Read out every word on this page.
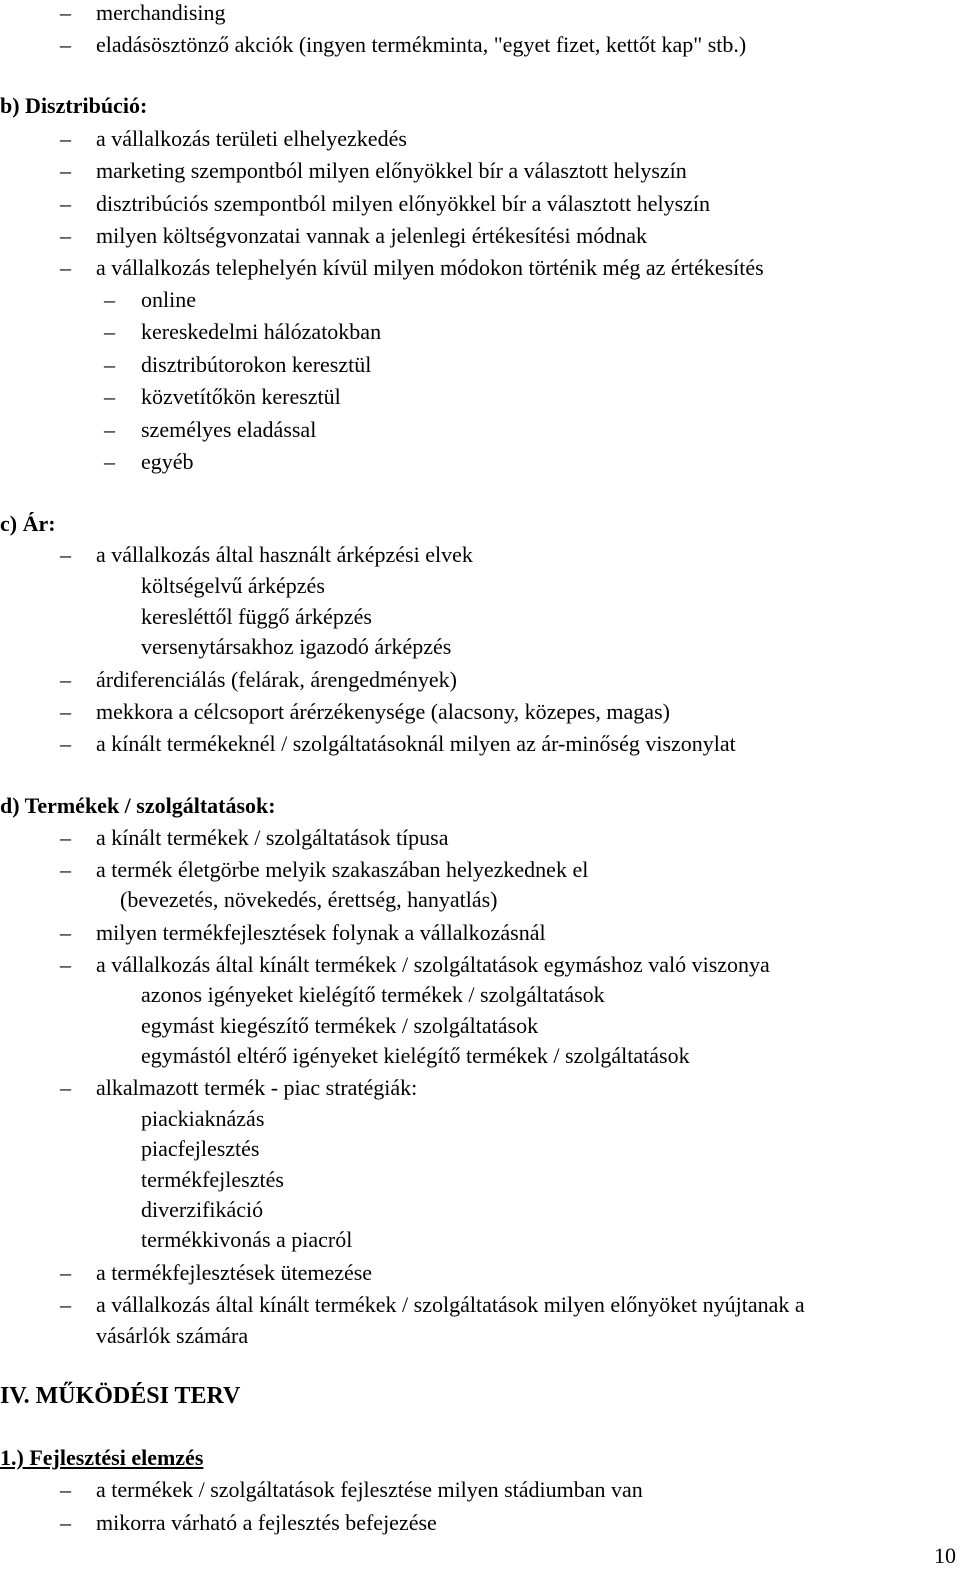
– merchandising
– eladásösztönző akciók (ingyen termékminta, "egyet fizet, kettőt kap" stb.)
b) Disztribúció:
– a vállalkozás területi elhelyezkedés
– marketing szempontból milyen előnyökkel bír a választott helyszín
– disztribúciós szempontból milyen előnyökkel bír a választott helyszín
– milyen költségvonzatai vannak a jelenlegi értékesítési módnak
– a vállalkozás telephelyén kívül milyen módokon történik még az értékesítés
– online
– kereskedelmi hálózatokban
– disztribútorokon keresztül
– közvetítőkön keresztül
– személyes eladással
– egyéb
c) Ár:
– a vállalkozás által használt árképzési elvek
költségelvű árképzés
keresléttől függő árképzés
versenytársakhoz igazodó árképzés
– árdiferenciálás (felárak, árengedmények)
– mekkora a célcsoport árérzékenysége (alacsony, közepes, magas)
– a kínált termékeknél / szolgáltatásoknál milyen az ár-minőség viszonylat
d) Termékek / szolgáltatások:
– a kínált termékek / szolgáltatások típusa
– a termék életgörbe melyik szakaszában helyezkednek el
(bevezetés, növekedés, érettség, hanyatlás)
– milyen termékfejlesztések folynak a vállalkozásnál
– a vállalkozás által kínált termékek / szolgáltatások egymáshoz való viszonya
azonos igényeket kielégítő termékek / szolgáltatások
egymást kiegészítő termékek / szolgáltatások
egymástól eltérő igényeket kielégítő termékek / szolgáltatások
– alkalmazott termék - piac stratégiák:
piackiaknázás
piacfejlesztés
termékfejlesztés
diverzifikáció
termékkivonás a piacról
– a termékfejlesztések ütemezése
– a vállalkozás által kínált termékek / szolgáltatások milyen előnyöket nyújtanak a
vásárlók számára
IV. MŰKÖDÉSI TERV
1.) Fejlesztési elemzés
– a termékek / szolgáltatások fejlesztése milyen stádiumban van
– mikorra várható a fejlesztés befejezése
10
